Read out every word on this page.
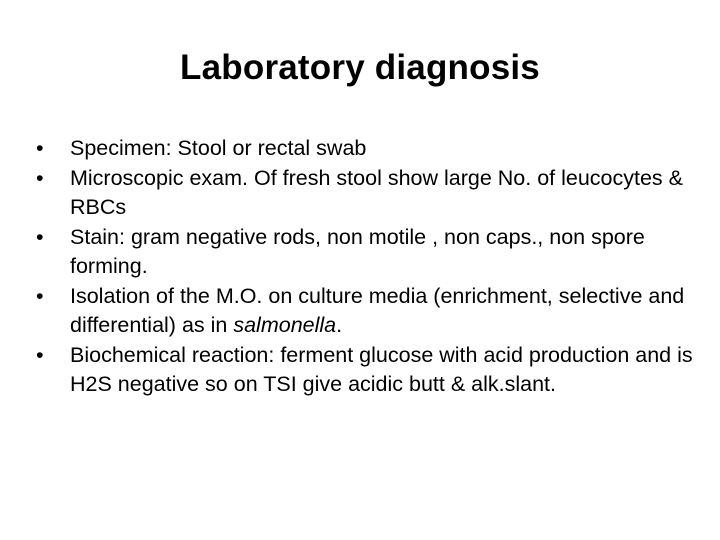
Laboratory diagnosis
•	Specimen: Stool or rectal swab
•	Microscopic exam. Of fresh stool show large No. of leucocytes & RBCs
•	Stain: gram negative rods, non motile , non caps., non spore forming.
•	Isolation of the M.O. on culture media (enrichment, selective and differential) as in salmonella.
•	Biochemical reaction: ferment glucose with acid production and is H2S negative so on TSI give acidic butt & alk.slant.
